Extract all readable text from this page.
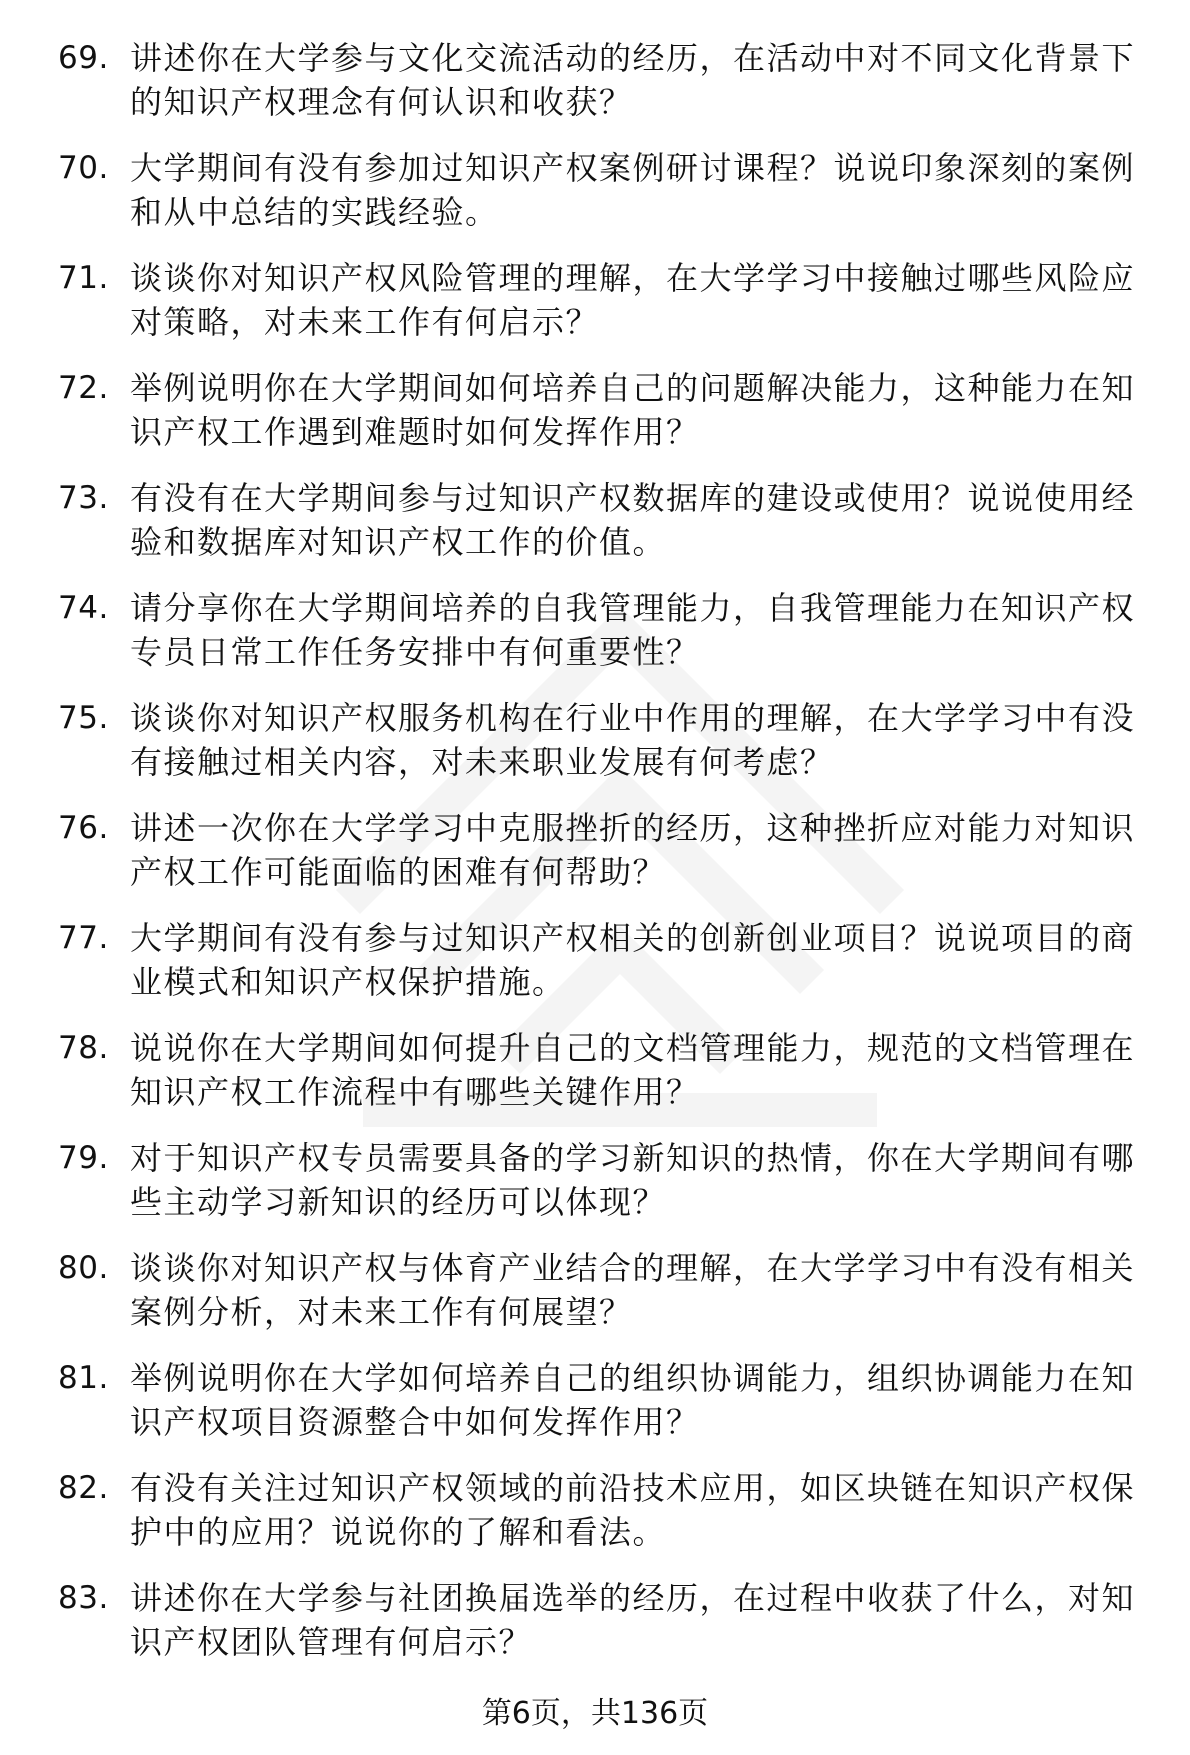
69. 讲述你在大学参与文化交流活动的经历，在活动中对不同文化背景下的知识产权理念有何认识和收获？
70. 大学期间有没有参加过知识产权案例研讨课程？说说印象深刻的案例和从中总结的实践经验。
71. 谈谈你对知识产权风险管理的理解，在大学学习中接触过哪些风险应对策略，对未来工作有何启示？
72. 举例说明你在大学期间如何培养自己的问题解决能力，这种能力在知识产权工作遇到难题时如何发挥作用？
73. 有没有在大学期间参与过知识产权数据库的建设或使用？说说使用经验和数据库对知识产权工作的价值。
74. 请分享你在大学期间培养的自我管理能力，自我管理能力在知识产权专员日常工作任务安排中有何重要性？
75. 谈谈你对知识产权服务机构在行业中作用的理解，在大学学习中有没有接触过相关内容，对未来职业发展有何考虑？
76. 讲述一次你在大学学习中克服挫折的经历，这种挫折应对能力对知识产权工作可能面临的困难有何帮助？
77. 大学期间有没有参与过知识产权相关的创新创业项目？说说项目的商业模式和知识产权保护措施。
78. 说说你在大学期间如何提升自己的文档管理能力，规范的文档管理在知识产权工作流程中有哪些关键作用？
79. 对于知识产权专员需要具备的学习新知识的热情，你在大学期间有哪些主动学习新知识的经历可以体现？
80. 谈谈你对知识产权与体育产业结合的理解，在大学学习中有没有相关案例分析，对未来工作有何展望？
81. 举例说明你在大学如何培养自己的组织协调能力，组织协调能力在知识产权项目资源整合中如何发挥作用？
82. 有没有关注过知识产权领域的前沿技术应用，如区块链在知识产权保护中的应用？说说你的了解和看法。
83. 讲述你在大学参与社团换届选举的经历，在过程中收获了什么，对知识产权团队管理有何启示？
第6页，共136页
